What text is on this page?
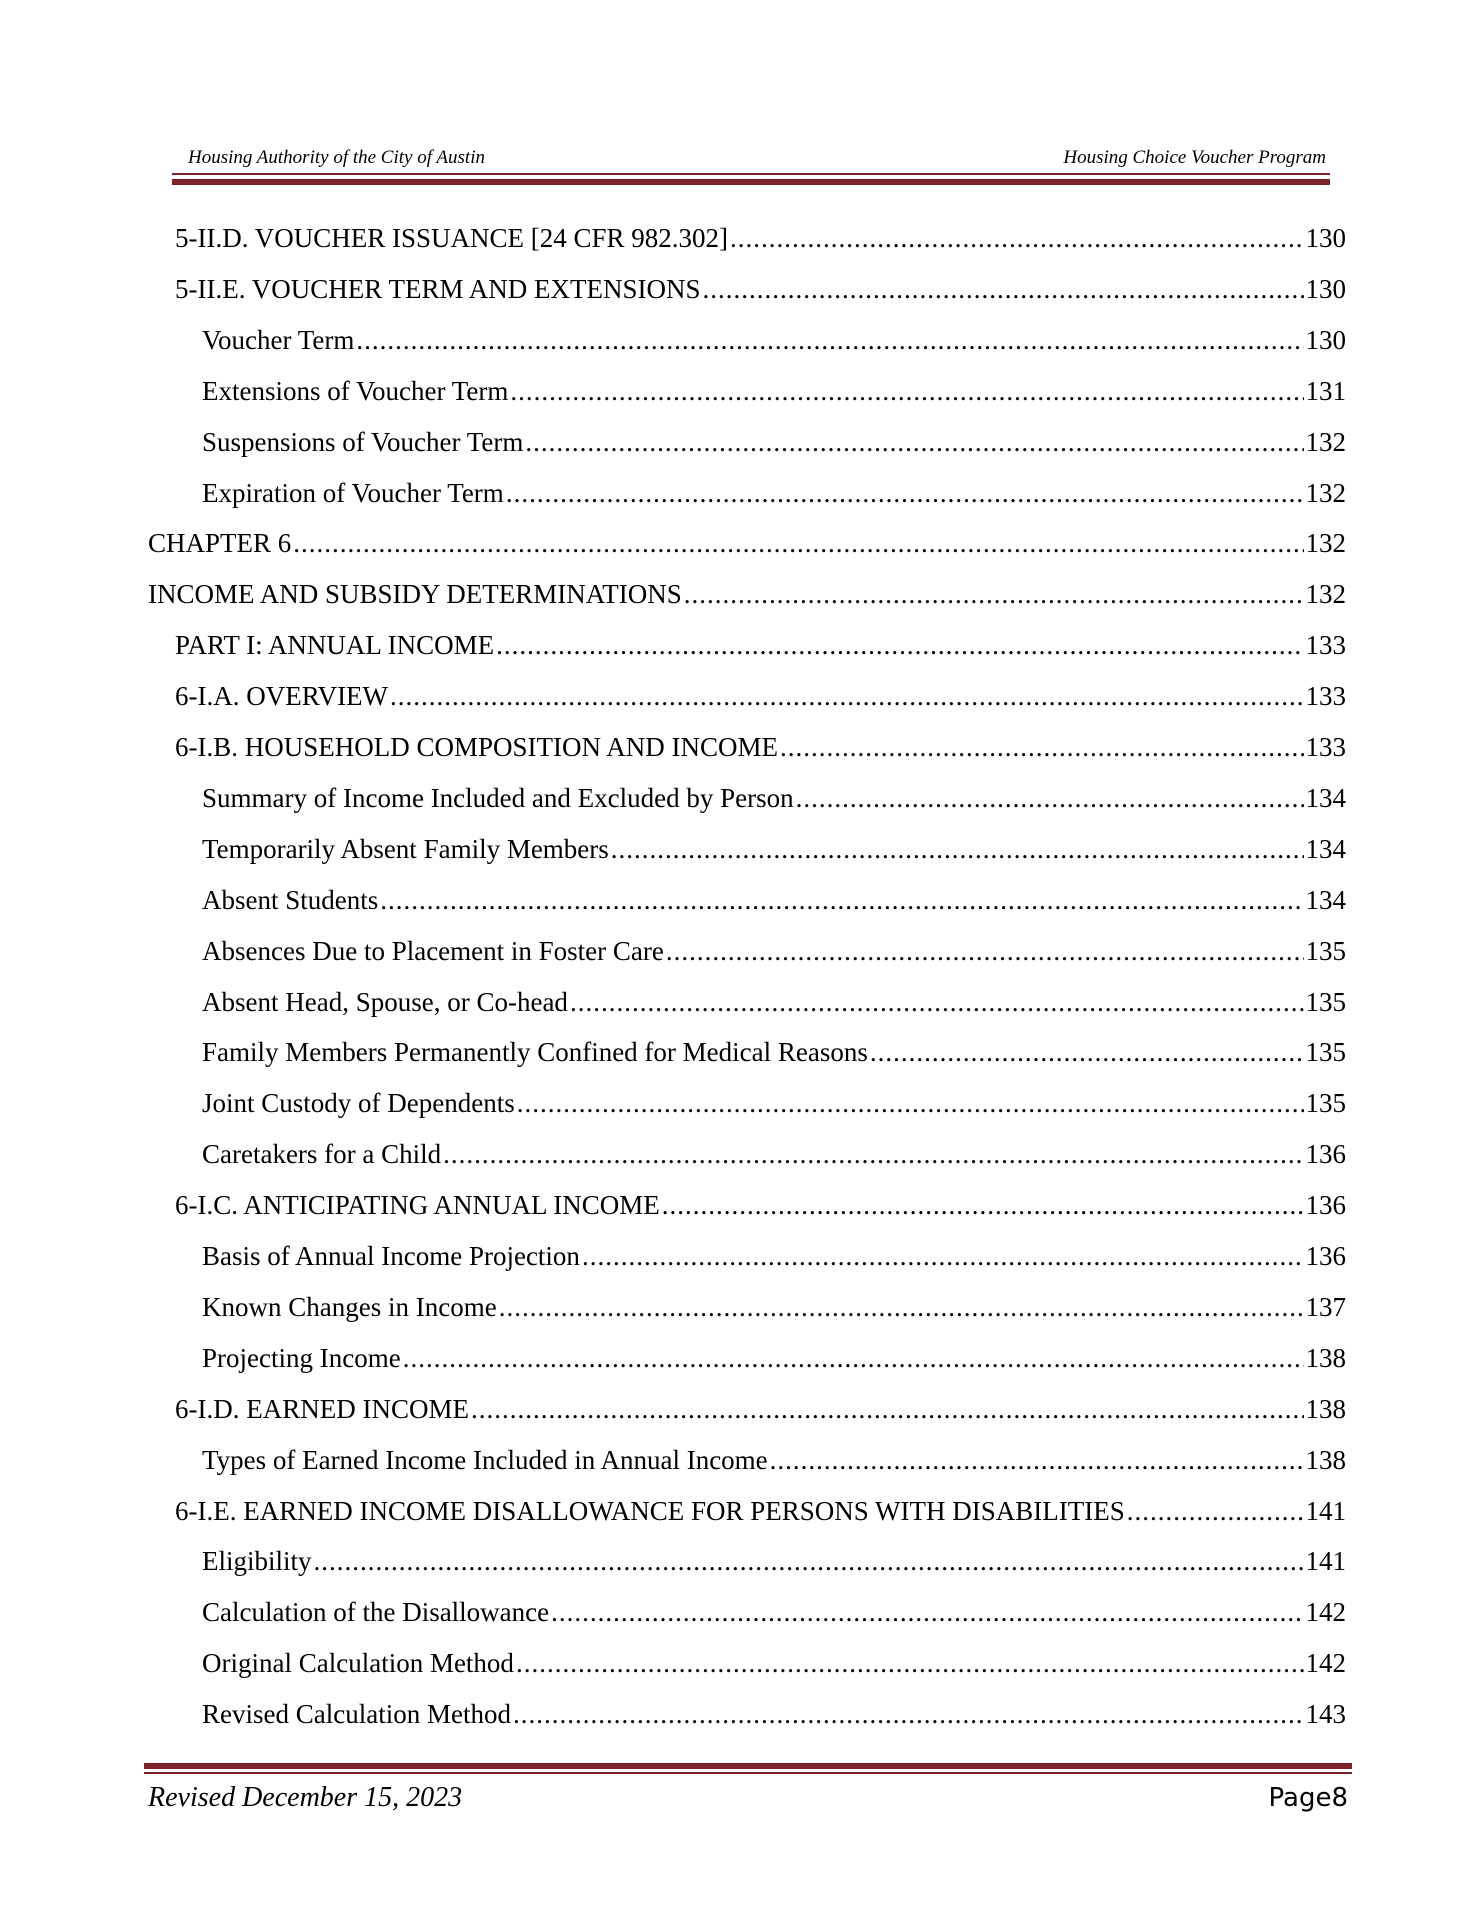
Housing Authority of the City of Austin	Housing Choice Voucher Program
5-II.D. VOUCHER ISSUANCE [24 CFR 982.302] .....	130
5-II.E. VOUCHER TERM AND EXTENSIONS .....	130
Voucher Term .....	130
Extensions of Voucher Term .....	131
Suspensions of Voucher Term .....	132
Expiration of Voucher Term .....	132
CHAPTER 6 .....	132
INCOME AND SUBSIDY DETERMINATIONS .....	132
PART I: ANNUAL INCOME .....	133
6-I.A. OVERVIEW .....	133
6-I.B. HOUSEHOLD COMPOSITION AND INCOME .....	133
Summary of Income Included and Excluded by Person .....	134
Temporarily Absent Family Members .....	134
Absent Students .....	134
Absences Due to Placement in Foster Care .....	135
Absent Head, Spouse, or Co-head .....	135
Family Members Permanently Confined for Medical Reasons .....	135
Joint Custody of Dependents .....	135
Caretakers for a Child .....	136
6-I.C. ANTICIPATING ANNUAL INCOME .....	136
Basis of Annual Income Projection .....	136
Known Changes in Income .....	137
Projecting Income .....	138
6-I.D. EARNED INCOME .....	138
Types of Earned Income Included in Annual Income .....	138
6-I.E. EARNED INCOME DISALLOWANCE FOR PERSONS WITH DISABILITIES .....	141
Eligibility .....	141
Calculation of the Disallowance .....	142
Original Calculation Method .....	142
Revised Calculation Method .....	143
Revised December 15, 2023	Page8
